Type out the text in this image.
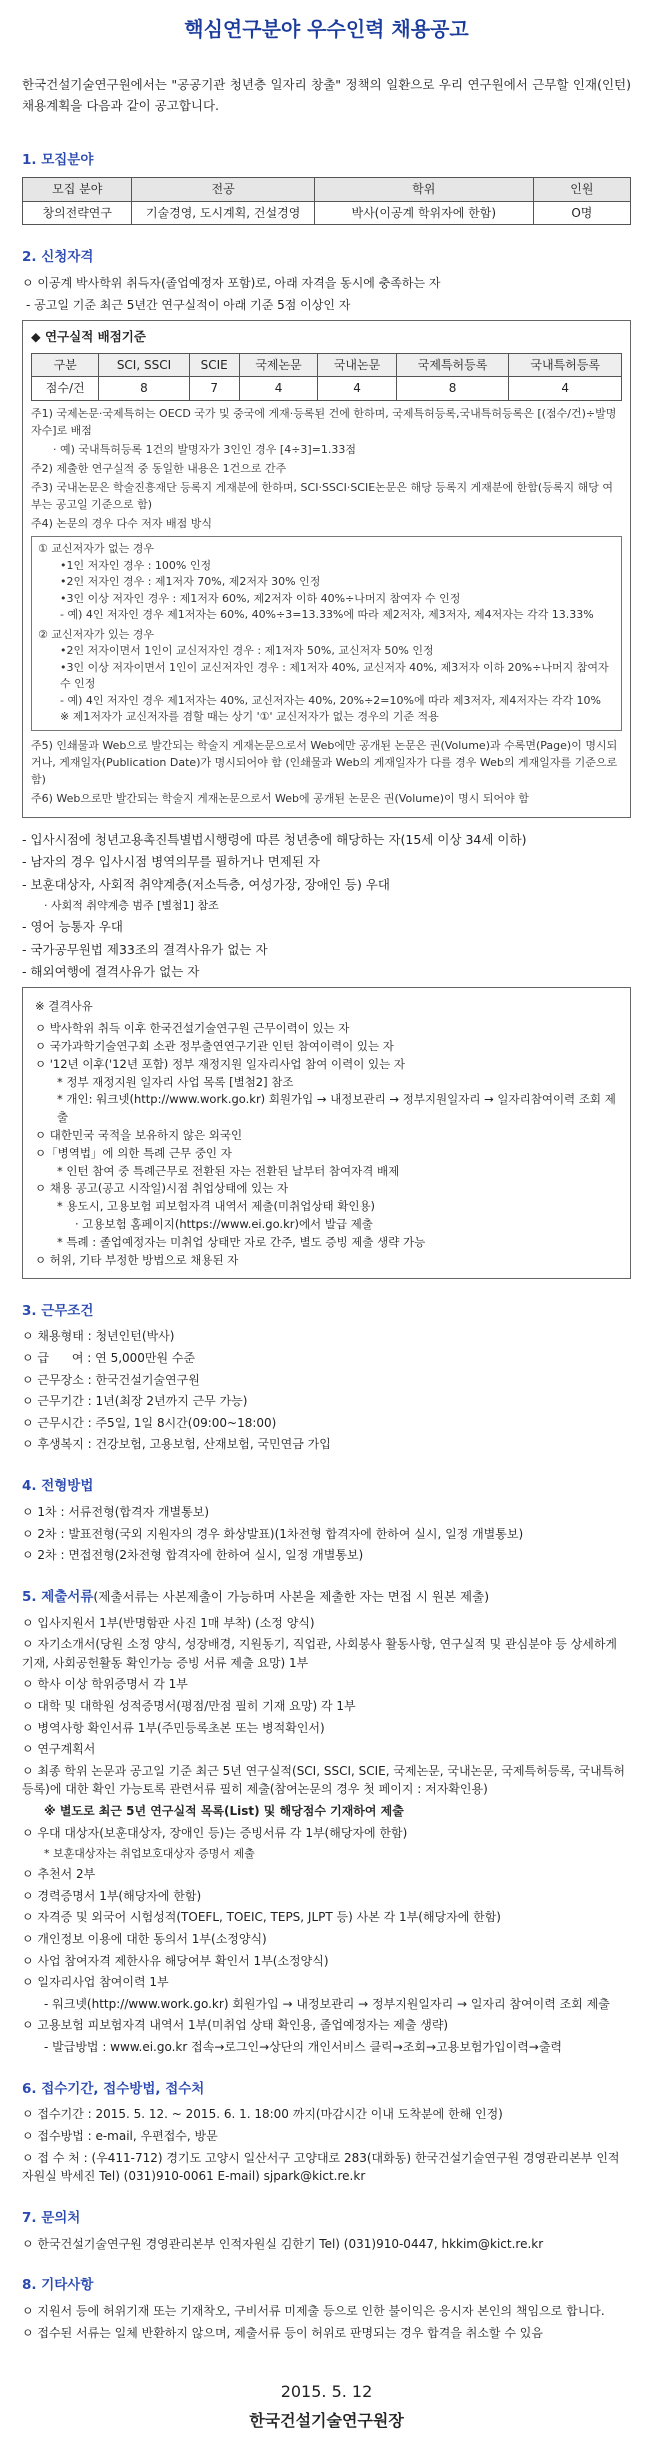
핵심연구분야 우수인력 채용공고
한국건설기술연구원에서는 "공공기관 청년층 일자리 창출" 정책의 일환으로 우리 연구원에서 근무할 인재(인턴)채용계획을 다음과 같이 공고합니다.
1. 모집분야
모집 분야	전공	학위	인원
창의전략연구	기술경영, 도시계획, 건설경영	박사(이공계 학위자에 한함)	O명
2. 신청자격
ㅇ 이공계 박사학위 취득자(졸업예정자 포함)로, 아래 자격을 동시에 충족하는 자
- 공고일 기준 최근 5년간 연구실적이 아래 기준 5점 이상인 자
◆ 연구실적 배점기준
구분	SCI, SSCI	SCIE	국제논문	국내논문	국제특허등록	국내특허등록
점수/건	8	7	4	4	8	4
주1) 국제논문·국제특허는 OECD 국가 및 중국에 게재·등록된 건에 한하며, 국제특허등록,국내특허등록은 [(점수/건)÷발명자수]로 배점
· 예) 국내특허등록 1건의 발명자가 3인인 경우 [4÷3]=1.33점
주2) 제출한 연구실적 중 동일한 내용은 1건으로 간주
주3) 국내논문은 학술진흥재단 등록지 게재분에 한하며, SCI·SSCI·SCIE논문은 해당 등록지 게재분에 한함(등록지 해당 여부는 공고일 기준으로 함)
주4) 논문의 경우 다수 저자 배점 방식
① 교신저자가 없는 경우
•1인 저자인 경우 : 100% 인정
•2인 저자인 경우 : 제1저자 70%, 제2저자 30% 인정
•3인 이상 저자인 경우 : 제1저자 60%, 제2저자 이하 40%÷나머지 참여자 수 인정
- 예) 4인 저자인 경우 제1저자는 60%, 40%÷3=13.33%에 따라 제2저자, 제3저자, 제4저자는 각각 13.33%
② 교신저자가 있는 경우
•2인 저자이면서 1인이 교신저자인 경우 : 제1저자 50%, 교신저자 50% 인정
•3인 이상 저자이면서 1인이 교신저자인 경우 : 제1저자 40%, 교신저자 40%, 제3저자 이하 20%÷나머지 참여자 수 인정
- 예) 4인 저자인 경우 제1저자는 40%, 교신저자는 40%, 20%÷2=10%에 따라 제3저자, 제4저자는 각각 10%
※ 제1저자가 교신저자를 겸할 때는 상기 '①' 교신저자가 없는 경우의 기준 적용
주5) 인쇄물과 Web으로 발간되는 학술지 게재논문으로서 Web에만 공개된 논문은 권(Volume)과 수록면(Page)이 명시되거나, 게재일자(Publication Date)가 명시되어야 함 (인쇄물과 Web의 게재일자가 다를 경우 Web의 게재일자를 기준으로 함)
주6) Web으로만 발간되는 학술지 게재논문으로서 Web에 공개된 논문은 권(Volume)이 명시 되어야 함
- 입사시점에 청년고용촉진특별법시행령에 따른 청년층에 해당하는 자(15세 이상 34세 이하)
- 남자의 경우 입사시점 병역의무를 필하거나 면제된 자
- 보훈대상자, 사회적 취약계층(저소득층, 여성가장, 장애인 등) 우대
· 사회적 취약계층 범주 [별첨1] 참조
- 영어 능통자 우대
- 국가공무원법 제33조의 결격사유가 없는 자
- 해외여행에 결격사유가 없는 자
※ 결격사유
ㅇ 박사학위 취득 이후 한국건설기술연구원 근무이력이 있는 자
ㅇ 국가과학기술연구회 소관 정부출연연구기관 인턴 참여이력이 있는 자
ㅇ '12년 이후('12년 포함) 정부 재정지원 일자리사업 참여 이력이 있는 자
* 정부 재정지원 일자리 사업 목록 [별첨2] 참조
* 개인: 워크넷(http://www.work.go.kr) 회원가입 → 내정보관리 → 정부지원일자리 → 일자리참여이력 조회 제출
ㅇ 대한민국 국적을 보유하지 않은 외국인
ㅇ「병역법」에 의한 특례 근무 중인 자
* 인턴 참여 중 특례근무로 전환된 자는 전환된 날부터 참여자격 배제
ㅇ 채용 공고(공고 시작일)시점 취업상태에 있는 자
* 용도시, 고용보험 피보험자격 내역서 제출(미취업상태 확인용)
· 고용보험 홈페이지(https://www.ei.go.kr)에서 발급 제출
* 특례 : 졸업예정자는 미취업 상태만 자로 간주, 별도 증빙 제출 생략 가능
ㅇ 허위, 기타 부정한 방법으로 채용된 자
3. 근무조건
ㅇ 채용형태 : 청년인턴(박사)
ㅇ 급      여 : 연 5,000만원 수준
ㅇ 근무장소 : 한국건설기술연구원
ㅇ 근무기간 : 1년(최장 2년까지 근무 가능)
ㅇ 근무시간 : 주5일, 1일 8시간(09:00~18:00)
ㅇ 후생복지 : 건강보험, 고용보험, 산재보험, 국민연금 가입
4. 전형방법
ㅇ 1차 : 서류전형(합격자 개별통보)
ㅇ 2차 : 발표전형(국외 지원자의 경우 화상발표)(1차전형 합격자에 한하여 실시, 일정 개별통보)
ㅇ 2차 : 면접전형(2차전형 합격자에 한하여 실시, 일정 개별통보)
5. 제출서류(제출서류는 사본제출이 가능하며 사본을 제출한 자는 면접 시 원본 제출)
ㅇ 입사지원서 1부(반명함판 사진 1매 부착) (소정 양식)
ㅇ 자기소개서(당원 소정 양식, 성장배경, 지원동기, 직업관, 사회봉사 활동사항, 연구실적 및 관심분야 등 상세하게 기재, 사회공헌활동 확인가능 증빙 서류 제출 요망) 1부
ㅇ 학사 이상 학위증명서 각 1부
ㅇ 대학 및 대학원 성적증명서(평점/만점 필히 기재 요망) 각 1부
ㅇ 병역사항 확인서류 1부(주민등록초본 또는 병적확인서)
ㅇ 연구계획서
ㅇ 최종 학위 논문과 공고일 기준 최근 5년 연구실적(SCI, SSCI, SCIE, 국제논문, 국내논문, 국제특허등록, 국내특허등록)에 대한 확인 가능토록 관련서류 필히 제출(참여논문의 경우 첫 페이지 : 저자확인용)
※ 별도로 최근 5년 연구실적 목록(List) 및 해당점수 기재하여 제출
ㅇ 우대 대상자(보훈대상자, 장애인 등)는 증빙서류 각 1부(해당자에 한함)
* 보훈대상자는 취업보호대상자 증명서 제출
ㅇ 추천서 2부
ㅇ 경력증명서 1부(해당자에 한함)
ㅇ 자격증 및 외국어 시험성적(TOEFL, TOEIC, TEPS, JLPT 등) 사본 각 1부(해당자에 한함)
ㅇ 개인정보 이용에 대한 동의서 1부(소정양식)
ㅇ 사업 참여자격 제한사유 해당여부 확인서 1부(소정양식)
ㅇ 일자리사업 참여이력 1부
- 워크넷(http://www.work.go.kr) 회원가입 → 내정보관리 → 정부지원일자리 → 일자리 참여이력 조회 제출
ㅇ 고용보험 피보험자격 내역서 1부(미취업 상태 확인용, 졸업예정자는 제출 생략)
- 발급방법 : www.ei.go.kr 접속→로그인→상단의 개인서비스 클릭→조회→고용보험가입이력→출력
6. 접수기간, 접수방법, 접수처
ㅇ 접수기간 : 2015. 5. 12. ~ 2015. 6. 1. 18:00 까지(마감시간 이내 도착분에 한해 인정)
ㅇ 접수방법 : e-mail, 우편접수, 방문
ㅇ 접 수 처 : (우411-712) 경기도 고양시 일산서구 고양대로 283(대화동) 한국건설기술연구원 경영관리본부 인적자원실 박세진 Tel) (031)910-0061 E-mail) sjpark@kict.re.kr
7. 문의처
ㅇ 한국건설기술연구원 경영관리본부 인적자원실 김한기 Tel) (031)910-0447, hkkim@kict.re.kr
8. 기타사항
ㅇ 지원서 등에 허위기재 또는 기재착오, 구비서류 미제출 등으로 인한 불이익은 응시자 본인의 책임으로 합니다.
ㅇ 접수된 서류는 일체 반환하지 않으며, 제출서류 등이 허위로 판명되는 경우 합격을 취소할 수 있음
2015. 5. 12
한국건설기술연구원장
